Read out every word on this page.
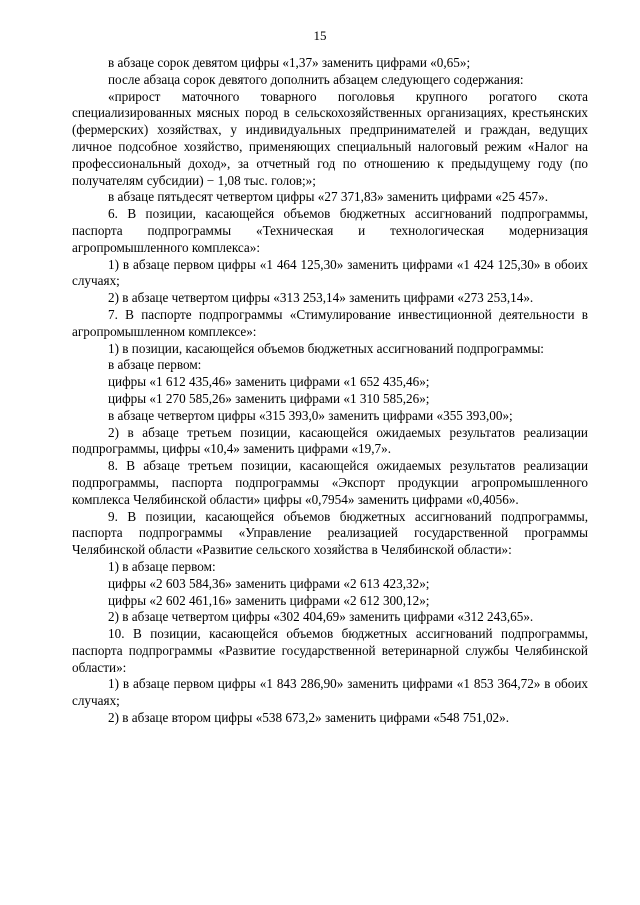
15

в абзаце сорок девятом цифры «1,37» заменить цифрами «0,65»;

после абзаца сорок девятого дополнить абзацем следующего содержания:

«прирост маточного товарного поголовья крупного рогатого скота специализированных мясных пород в сельскохозяйственных организациях, крестьянских (фермерских) хозяйствах, у индивидуальных предпринимателей и граждан, ведущих личное подсобное хозяйство, применяющих специальный налоговый режим «Налог на профессиональный доход», за отчетный год по отношению к предыдущему году (по получателям субсидии) − 1,08 тыс. голов;»;

в абзаце пятьдесят четвертом цифры «27 371,83» заменить цифрами «25 457».

6. В позиции, касающейся объемов бюджетных ассигнований подпрограммы, паспорта подпрограммы «Техническая и технологическая модернизация агропромышленного комплекса»:

1) в абзаце первом цифры «1 464 125,30» заменить цифрами «1 424 125,30» в обоих случаях;

2) в абзаце четвертом цифры «313 253,14» заменить цифрами «273 253,14».

7. В паспорте подпрограммы «Стимулирование инвестиционной деятельности в агропромышленном комплексе»:

1) в позиции, касающейся объемов бюджетных ассигнований подпрограммы:

в абзаце первом:

цифры «1 612 435,46» заменить цифрами «1 652 435,46»;

цифры «1 270 585,26» заменить цифрами «1 310 585,26»;

в абзаце четвертом цифры «315 393,0» заменить цифрами «355 393,00»;

2) в абзаце третьем позиции, касающейся ожидаемых результатов реализации подпрограммы, цифры «10,4» заменить цифрами «19,7».

8. В абзаце третьем позиции, касающейся ожидаемых результатов реализации подпрограммы, паспорта подпрограммы «Экспорт продукции агропромышленного комплекса Челябинской области» цифры «0,7954» заменить цифрами «0,4056».

9. В позиции, касающейся объемов бюджетных ассигнований подпрограммы, паспорта подпрограммы «Управление реализацией государственной программы Челябинской области «Развитие сельского хозяйства в Челябинской области»:

1) в абзаце первом:

цифры «2 603 584,36» заменить цифрами «2 613 423,32»;

цифры «2 602 461,16» заменить цифрами «2 612 300,12»;

2) в абзаце четвертом цифры «302 404,69» заменить цифрами «312 243,65».

10. В позиции, касающейся объемов бюджетных ассигнований подпрограммы, паспорта подпрограммы «Развитие государственной ветеринарной службы Челябинской области»:

1) в абзаце первом цифры «1 843 286,90» заменить цифрами «1 853 364,72» в обоих случаях;

2) в абзаце втором цифры «538 673,2» заменить цифрами «548 751,02».
